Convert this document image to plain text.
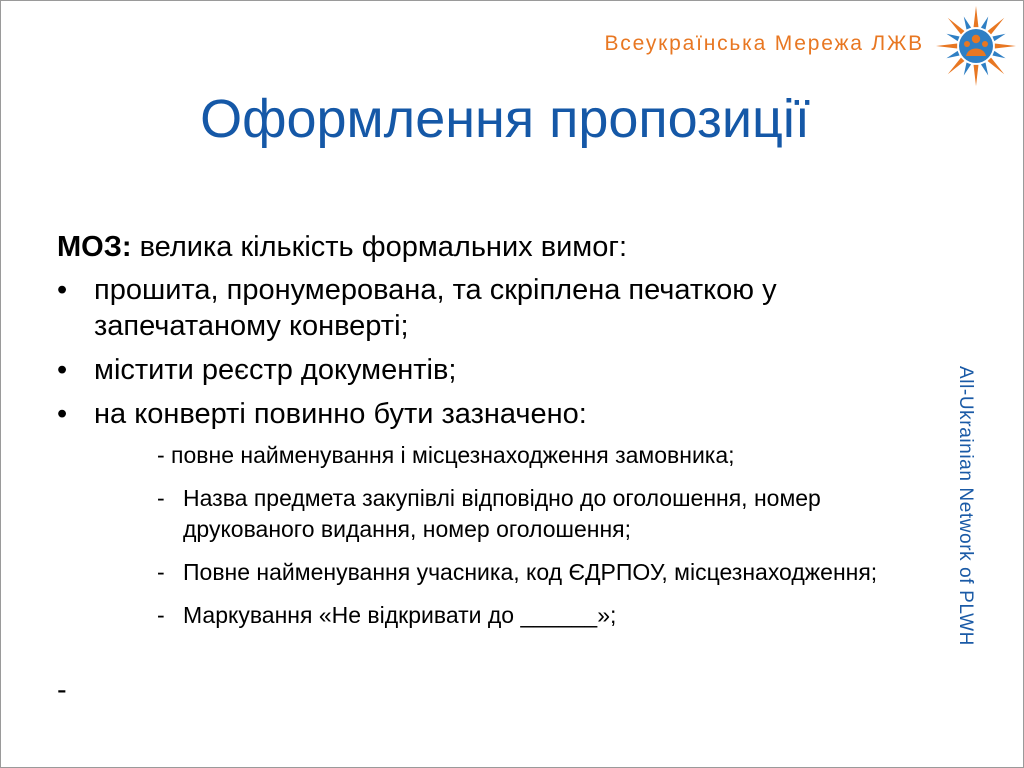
Всеукраїнська Мережа ЛЖВ
All-Ukrainian Network of PLWH
Оформлення пропозиції
МОЗ: велика кількість формальних вимог:
• прошита, пронумерована, та скріплена печаткою у запечатаному конверті;
• містити реєстр документів;
• на конверті повинно бути зазначено:
- повне найменування і місцезнаходження замовника;
- Назва предмета закупівлі відповідно до оголошення, номер друкованого видання, номер оголошення;
- Повне найменування учасника, код ЄДРПОУ, місцезнаходження;
- Маркування «Не відкривати до ______»;
-
